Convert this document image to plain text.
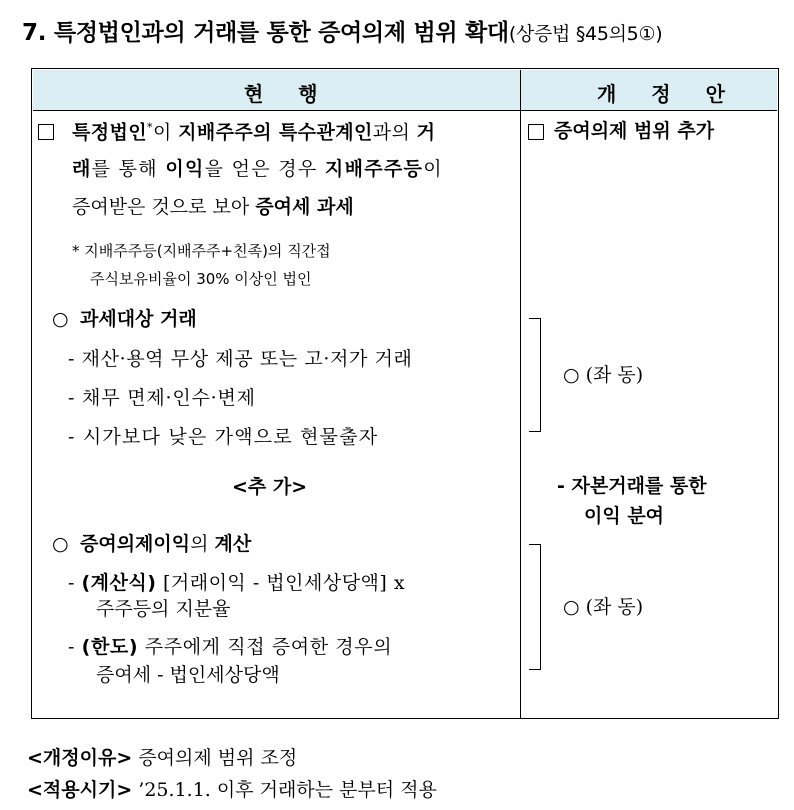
7. 특정법인과의 거래를 통한 증여의제 범위 확대(상증법 §45의5①)
현 행	개 정 안
특정법인*이 지배주주의 특수관계인과의 거
래를 통해 이익을 얻은 경우 지배주주등이
증여받은 것으로 보아 증여세 과세
* 지배주주등(지배주주+친족)의 직간접
주식보유비율이 30% 이상인 법인
○ 과세대상 거래
- 재산·용역 무상 제공 또는 고·저가 거래
- 채무 면제·인수·변제
- 시가보다 낮은 가액으로 현물출자
<추 가>
○ 증여의제이익의 계산
- (계산식) [거래이익 - 법인세상당액] x
주주등의 지분율
- (한도) 주주에게 직접 증여한 경우의
증여세 - 법인세상당액
증여의제 범위 추가
○ (좌 동)
- 자본거래를 통한
이익 분여
○ (좌 동)
<개정이유> 증여의제 범위 조정
<적용시기> ’25.1.1. 이후 거래하는 분부터 적용
